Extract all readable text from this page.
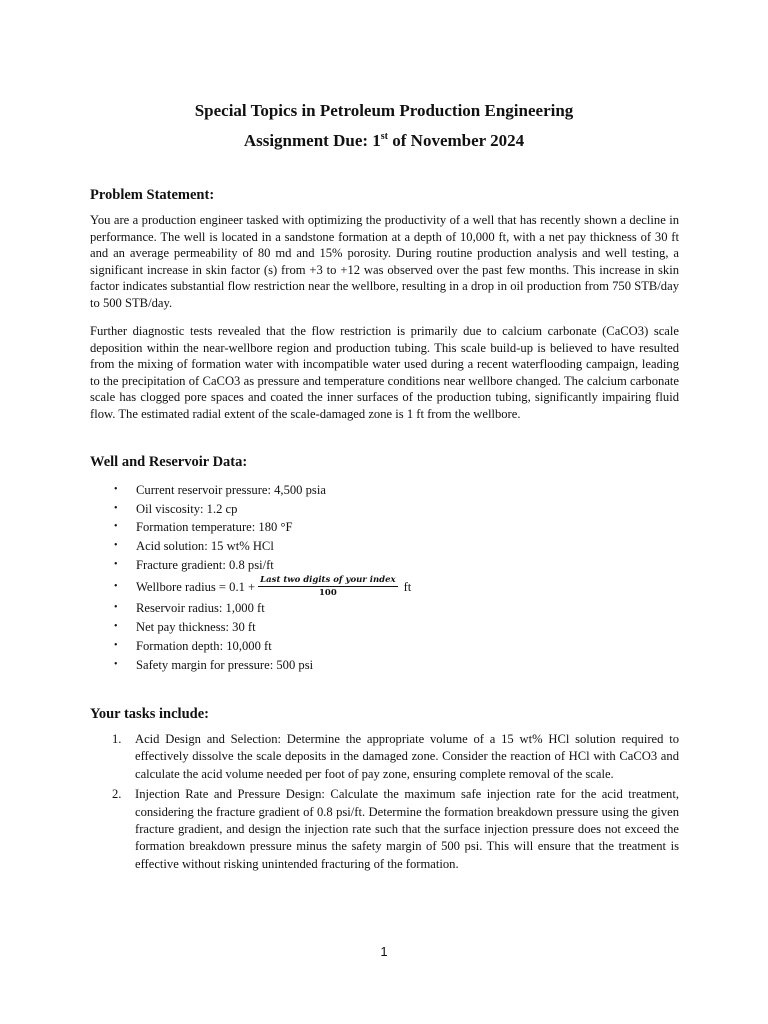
Special Topics in Petroleum Production Engineering
Assignment Due: 1st of November 2024
Problem Statement:

You are a production engineer tasked with optimizing the productivity of a well that has recently shown a decline in performance. The well is located in a sandstone formation at a depth of 10,000 ft, with a net pay thickness of 30 ft and an average permeability of 80 md and 15% porosity. During routine production analysis and well testing, a significant increase in skin factor (s) from +3 to +12 was observed over the past few months. This increase in skin factor indicates substantial flow restriction near the wellbore, resulting in a drop in oil production from 750 STB/day to 500 STB/day.

Further diagnostic tests revealed that the flow restriction is primarily due to calcium carbonate (CaCO3) scale deposition within the near-wellbore region and production tubing. This scale build-up is believed to have resulted from the mixing of formation water with incompatible water used during a recent waterflooding campaign, leading to the precipitation of CaCO3 as pressure and temperature conditions near wellbore changed. The calcium carbonate scale has clogged pore spaces and coated the inner surfaces of the production tubing, significantly impairing fluid flow. The estimated radial extent of the scale-damaged zone is 1 ft from the wellbore.

Well and Reservoir Data:
• Current reservoir pressure: 4,500 psia
• Oil viscosity: 1.2 cp
• Formation temperature: 180 °F
• Acid solution: 15 wt% HCl
• Fracture gradient: 0.8 psi/ft
• Wellbore radius = $0.1 + \frac{\text{Last two digits of your index}}{100}$ ft
• Reservoir radius: 1,000 ft
• Net pay thickness: 30 ft
• Formation depth: 10,000 ft
• Safety margin for pressure: 500 psi
Your tasks include:
1. Acid Design and Selection: Determine the appropriate volume of a 15 wt% HCl solution required to effectively dissolve the scale deposits in the damaged zone. Consider the reaction of HCl with CaCO3 and calculate the acid volume needed per foot of pay zone, ensuring complete removal of the scale.
2. Injection Rate and Pressure Design: Calculate the maximum safe injection rate for the acid treatment, considering the fracture gradient of 0.8 psi/ft. Determine the formation breakdown pressure using the given fracture gradient, and design the injection rate such that the surface injection pressure does not exceed the formation breakdown pressure minus the safety margin of 500 psi. This will ensure that the treatment is effective without risking unintended fracturing of the formation.
1
